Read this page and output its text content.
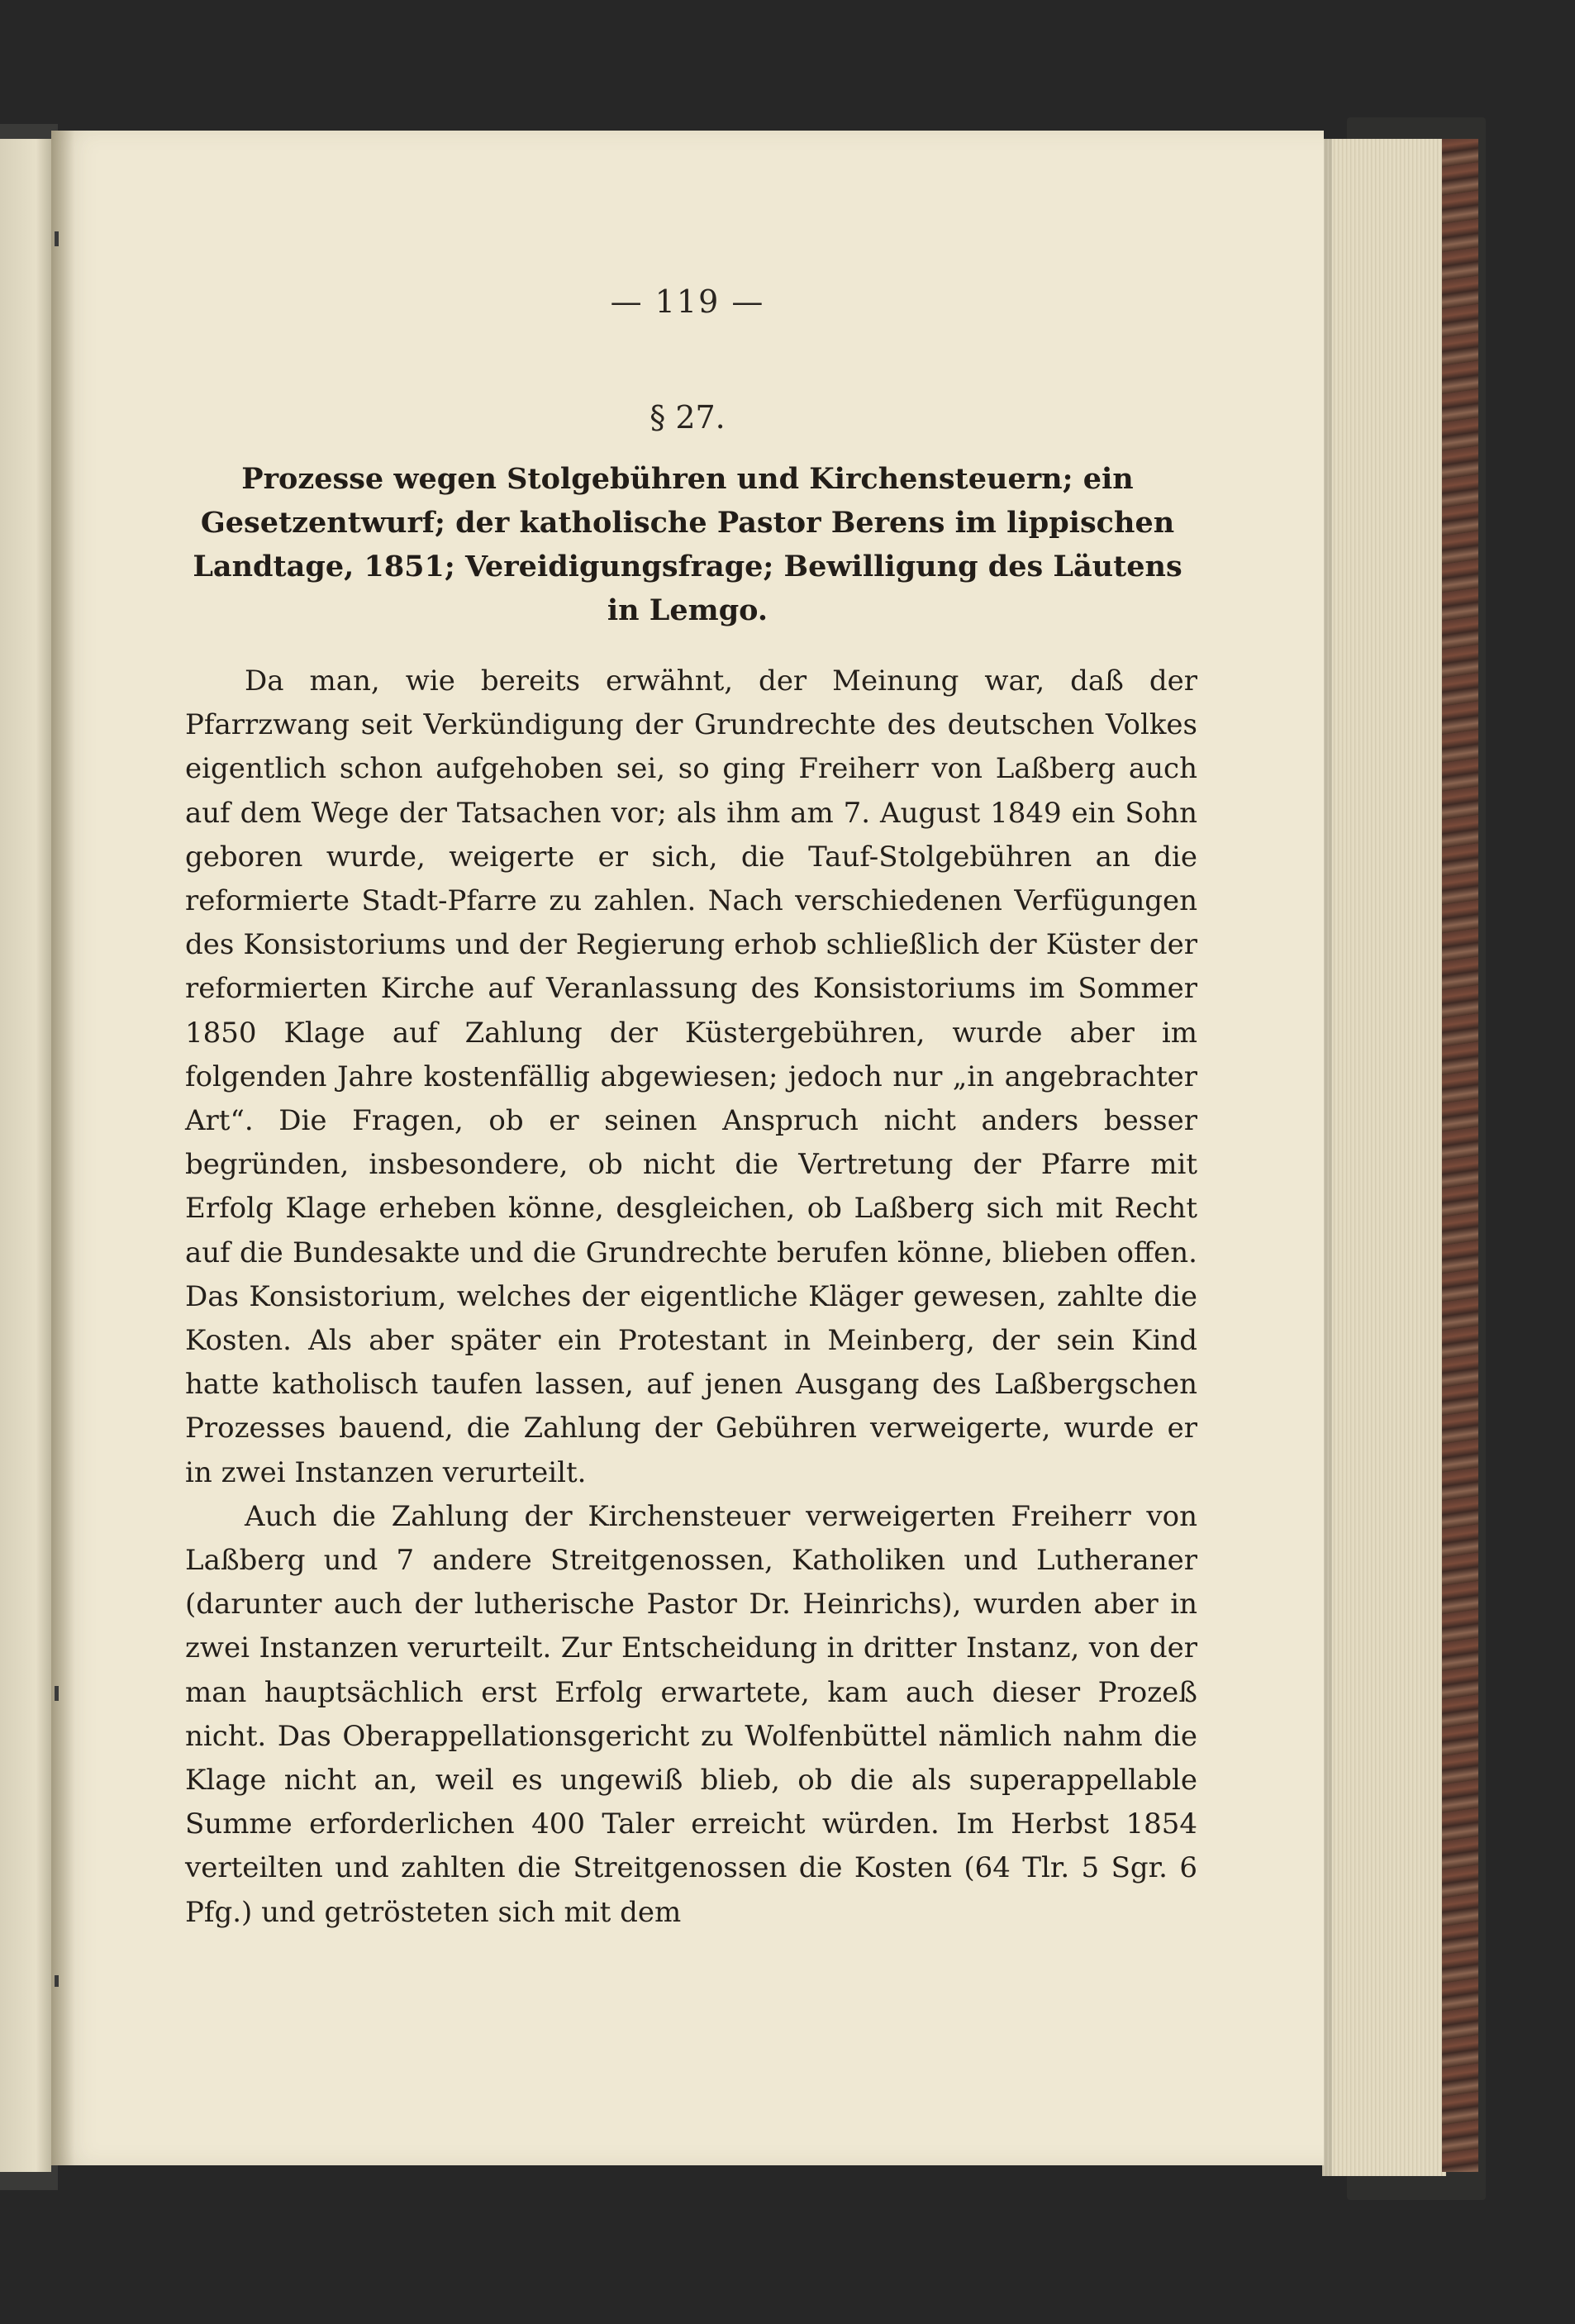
— 119 —
§ 27.
Prozesse wegen Stolgebühren und Kirchensteuern; ein Gesetzentwurf; der katholische Pastor Berens im lippischen Landtage, 1851; Vereidigungsfrage; Bewilligung des Läutens in Lemgo.

Da man, wie bereits erwähnt, der Meinung war, daß der Pfarrzwang seit Verkündigung der Grundrechte des deutschen Volkes eigentlich schon aufgehoben sei, so ging Freiherr von Laßberg auch auf dem Wege der Tatsachen vor; als ihm am 7. August 1849 ein Sohn geboren wurde, weigerte er sich, die Tauf-Stolgebühren an die reformierte Stadt-Pfarre zu zahlen. Nach verschiedenen Verfügungen des Konsistoriums und der Regierung erhob schließlich der Küster der reformierten Kirche auf Veranlassung des Konsistoriums im Sommer 1850 Klage auf Zahlung der Küstergebühren, wurde aber im folgenden Jahre kostenfällig abgewiesen; jedoch nur „in angebrachter Art“. Die Fragen, ob er seinen Anspruch nicht anders besser begründen, insbesondere, ob nicht die Vertretung der Pfarre mit Erfolg Klage erheben könne, desgleichen, ob Laßberg sich mit Recht auf die Bundesakte und die Grundrechte berufen könne, blieben offen. Das Konsistorium, welches der eigentliche Kläger gewesen, zahlte die Kosten. Als aber später ein Protestant in Meinberg, der sein Kind hatte katholisch taufen lassen, auf jenen Ausgang des Laßbergschen Prozesses bauend, die Zahlung der Gebühren verweigerte, wurde er in zwei Instanzen verurteilt.

Auch die Zahlung der Kirchensteuer verweigerten Freiherr von Laßberg und 7 andere Streitgenossen, Katholiken und Lutheraner (darunter auch der lutherische Pastor Dr. Heinrichs), wurden aber in zwei Instanzen verurteilt. Zur Entscheidung in dritter Instanz, von der man hauptsächlich erst Erfolg erwartete, kam auch dieser Prozeß nicht. Das Oberappellationsgericht zu Wolfenbüttel nämlich nahm die Klage nicht an, weil es ungewiß blieb, ob die als superappellable Summe erforderlichen 400 Taler erreicht würden. Im Herbst 1854 verteilten und zahlten die Streitgenossen die Kosten (64 Tlr. 5 Sgr. 6 Pfg.) und getrösteten sich mit dem
